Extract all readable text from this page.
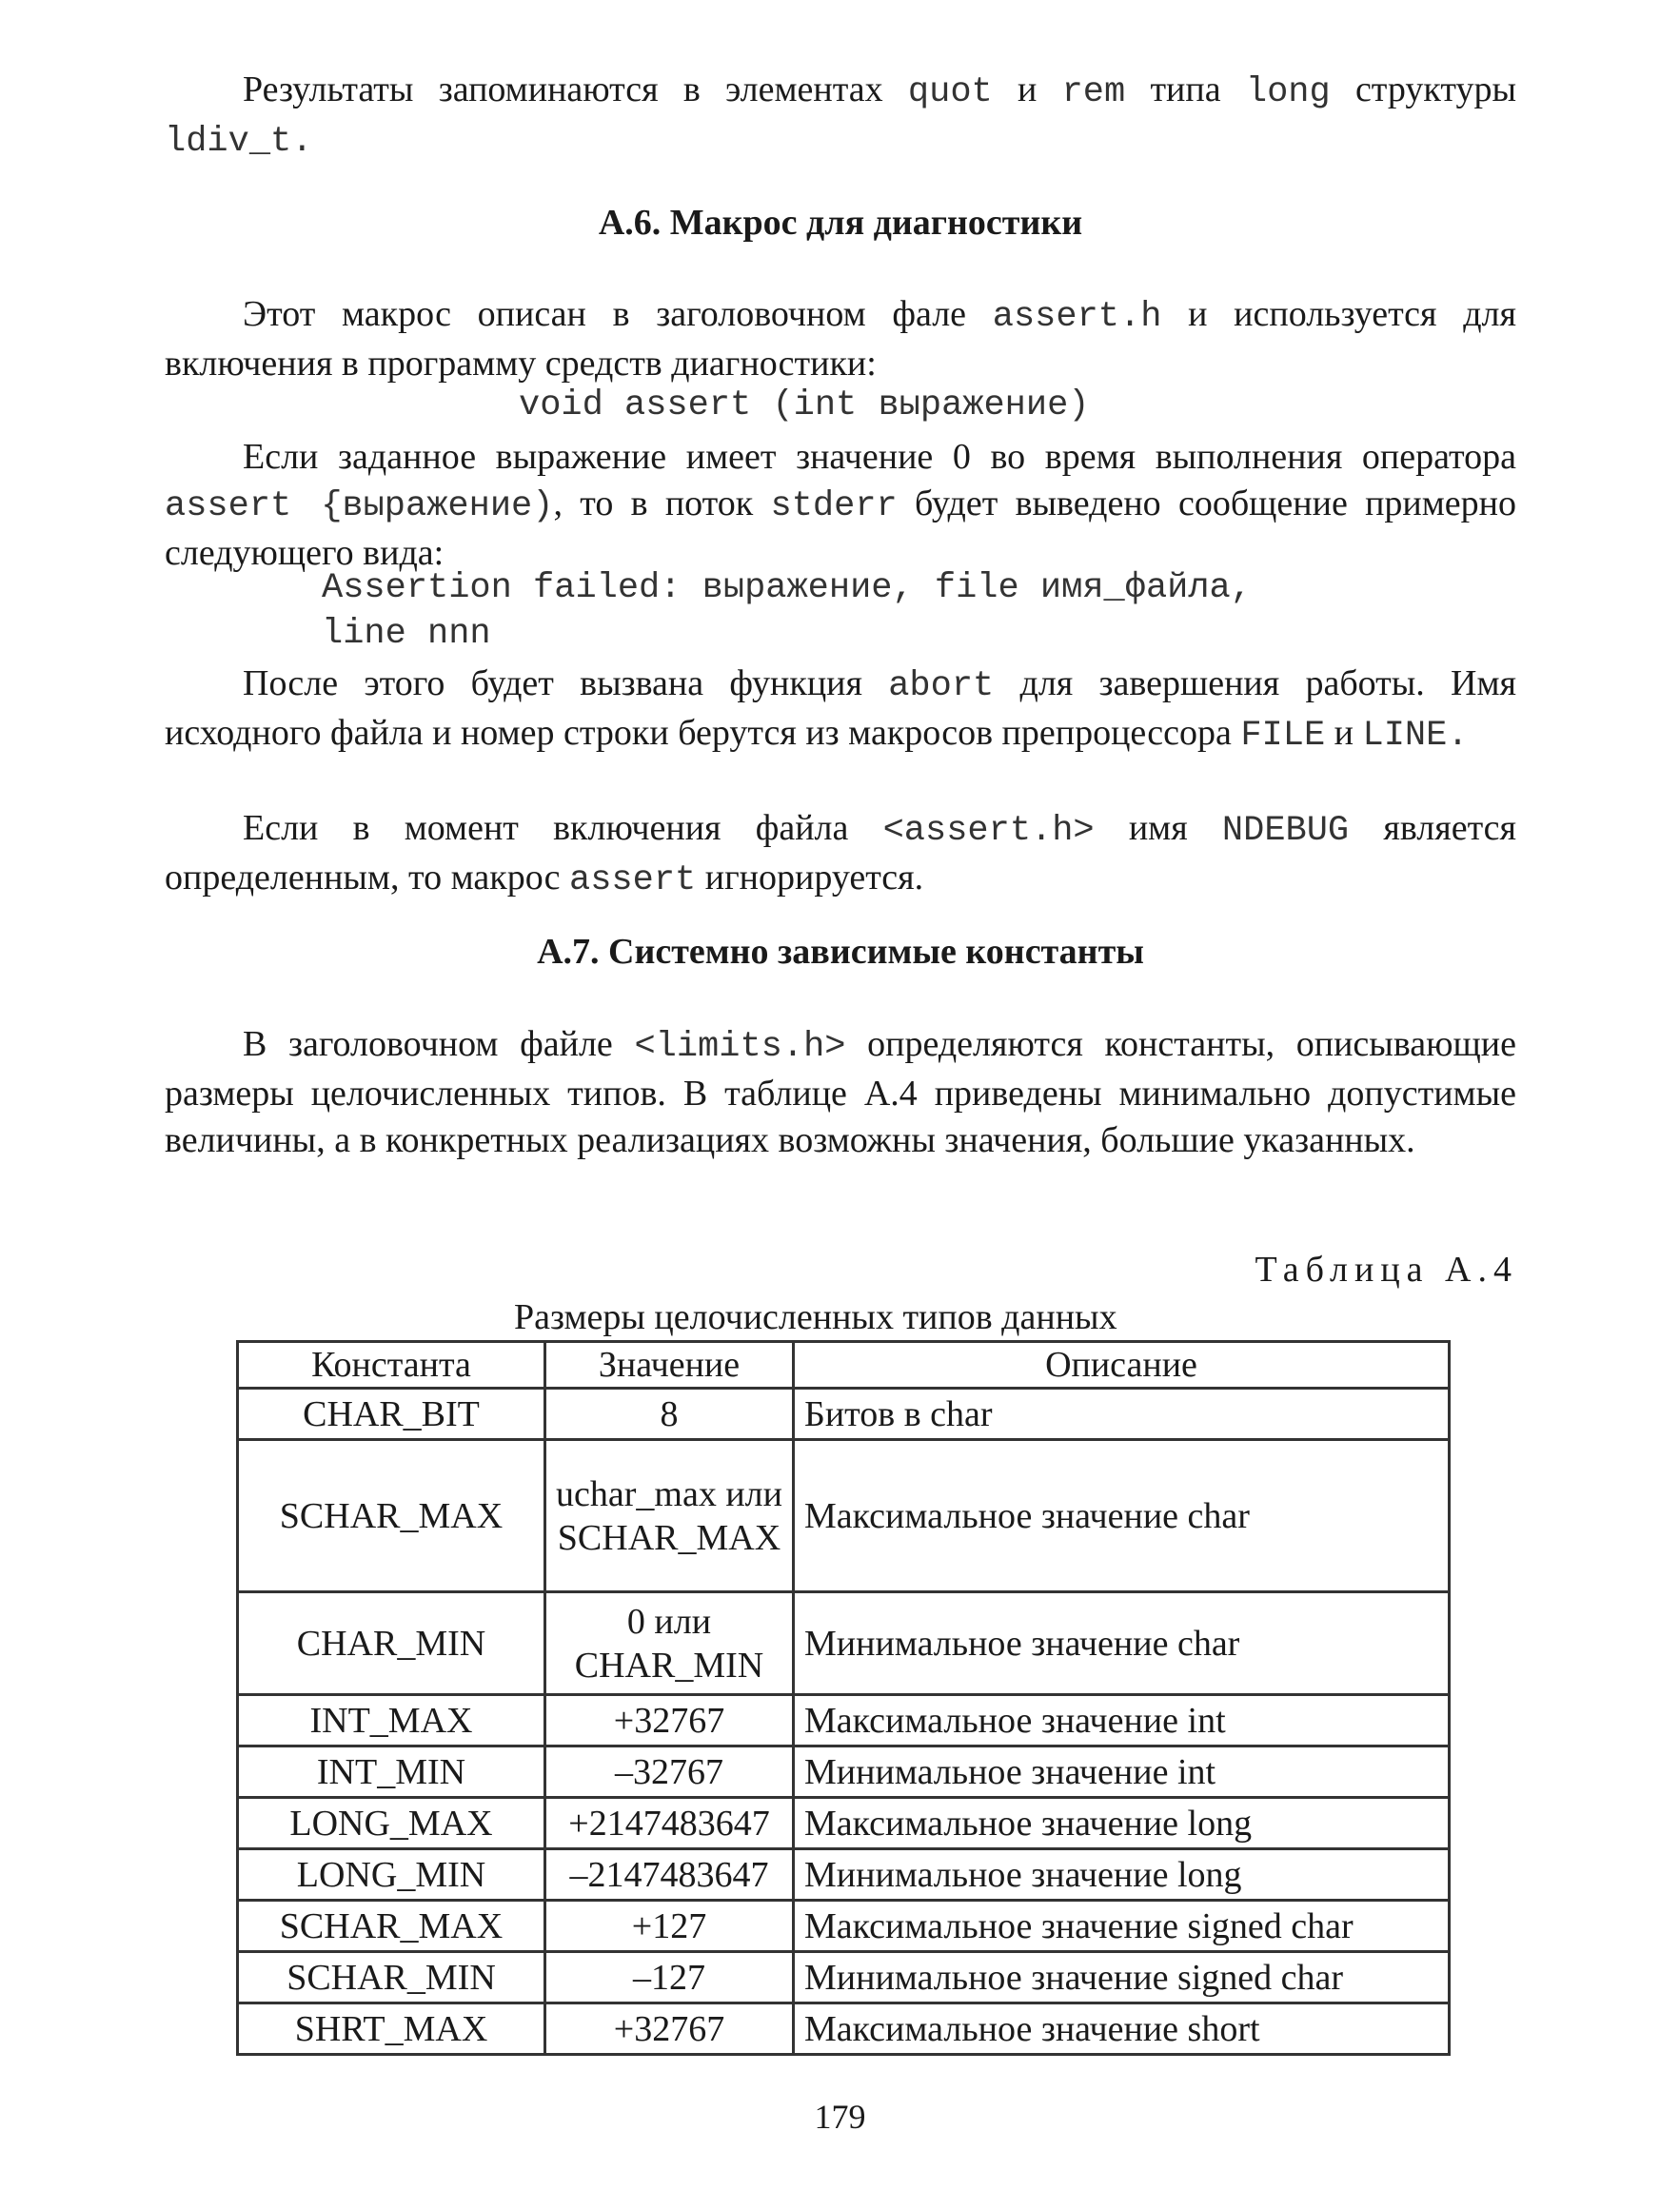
Результаты запоминаются в элементах quot и rem типа long структуры ldiv_t.

А.6. Макрос для диагностики

Этот макрос описан в заголовочном фале assert.h и используется для включения в программу средств диагностики:

void assert (int выражение)

Если заданное выражение имеет значение 0 во время выполнения оператора assert {выражение), то в поток stderr будет выведено сообщение примерно следующего вида:

Assertion failed: выражение, file имя_файла,

line nnn

После этого будет вызвана функция abort для завершения работы. Имя исходного файла и номер строки берутся из макросов препроцессора FILE и LINE.

Если в момент включения файла <assert.h> имя NDEBUG является определенным, то макрос assert игнорируется.

А.7. Системно зависимые константы

В заголовочном файле <limits.h> определяются константы, описывающие размеры целочисленных типов. В таблице А.4 приведены минимально допустимые величины, а в конкретных реализациях возможны значения, большие указанных.

Таблица А.4
Размеры целочисленных типов данных
Константа	Значение	Описание
CHAR_BIT	8	Битов в char
SCHAR_MAX	uchar_max или SCHAR_MAX	Максимальное значение char
CHAR_MIN	0 или CHAR_MIN	Минимальное значение char
INT_MAX	+32767	Максимальное значение int
INT_MIN	–32767	Минимальное значение int
LONG_MAX	+2147483647	Максимальное значение long
LONG_MIN	–2147483647	Минимальное значение long
SCHAR_MAX	+127	Максимальное значение signed char
SCHAR_MIN	–127	Минимальное значение signed char
SHRT_MAX	+32767	Максимальное значение short
179
